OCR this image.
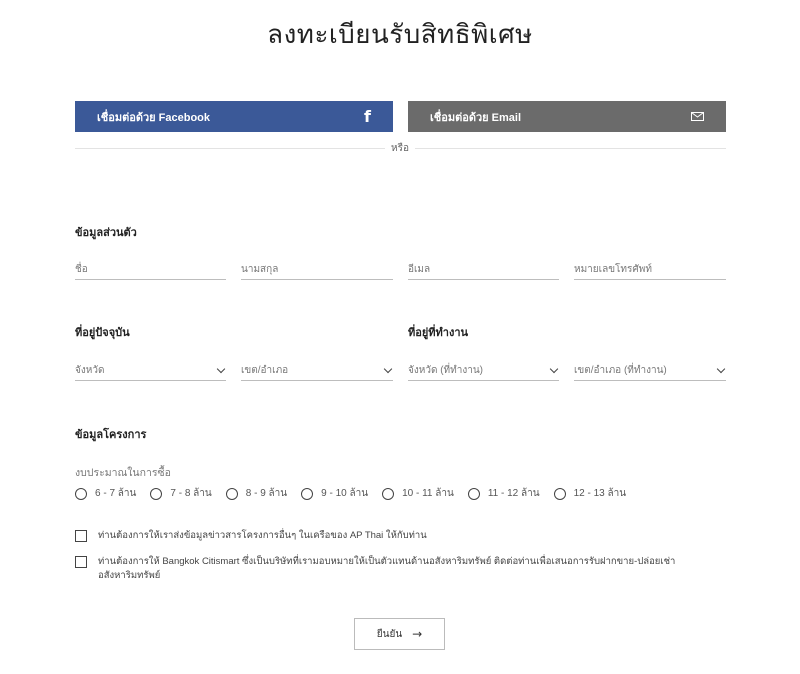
ลงทะเบียนรับสิทธิพิเศษ
เชื่อมต่อด้วย Facebook	f	เชื่อมต่อด้วย Email
หรือ
ข้อมูลส่วนตัว
ชื่อ	นามสกุล	อีเมล	หมายเลขโทรศัพท์
ที่อยู่ปัจจุบัน	ที่อยู่ที่ทำงาน
จังหวัด	เขต/อำเภอ	จังหวัด (ที่ทำงาน)	เขต/อำเภอ (ที่ทำงาน)
ข้อมูลโครงการ
งบประมาณในการซื้อ
6 - 7 ล้าน	7 - 8 ล้าน	8 - 9 ล้าน	9 - 10 ล้าน	10 - 11 ล้าน	11 - 12 ล้าน	12 - 13 ล้าน
ท่านต้องการให้เราส่งข้อมูลข่าวสารโครงการอื่นๆ ในเครือของ AP Thai ให้กับท่าน
ท่านต้องการให้ Bangkok Citismart ซึ่งเป็นบริษัทที่เรามอบหมายให้เป็นตัวแทนด้านอสังหาริมทรัพย์ ติดต่อท่านเพื่อเสนอการรับฝากขาย-ปล่อยเช่าอสังหาริมทรัพย์
ยืนยัน →
